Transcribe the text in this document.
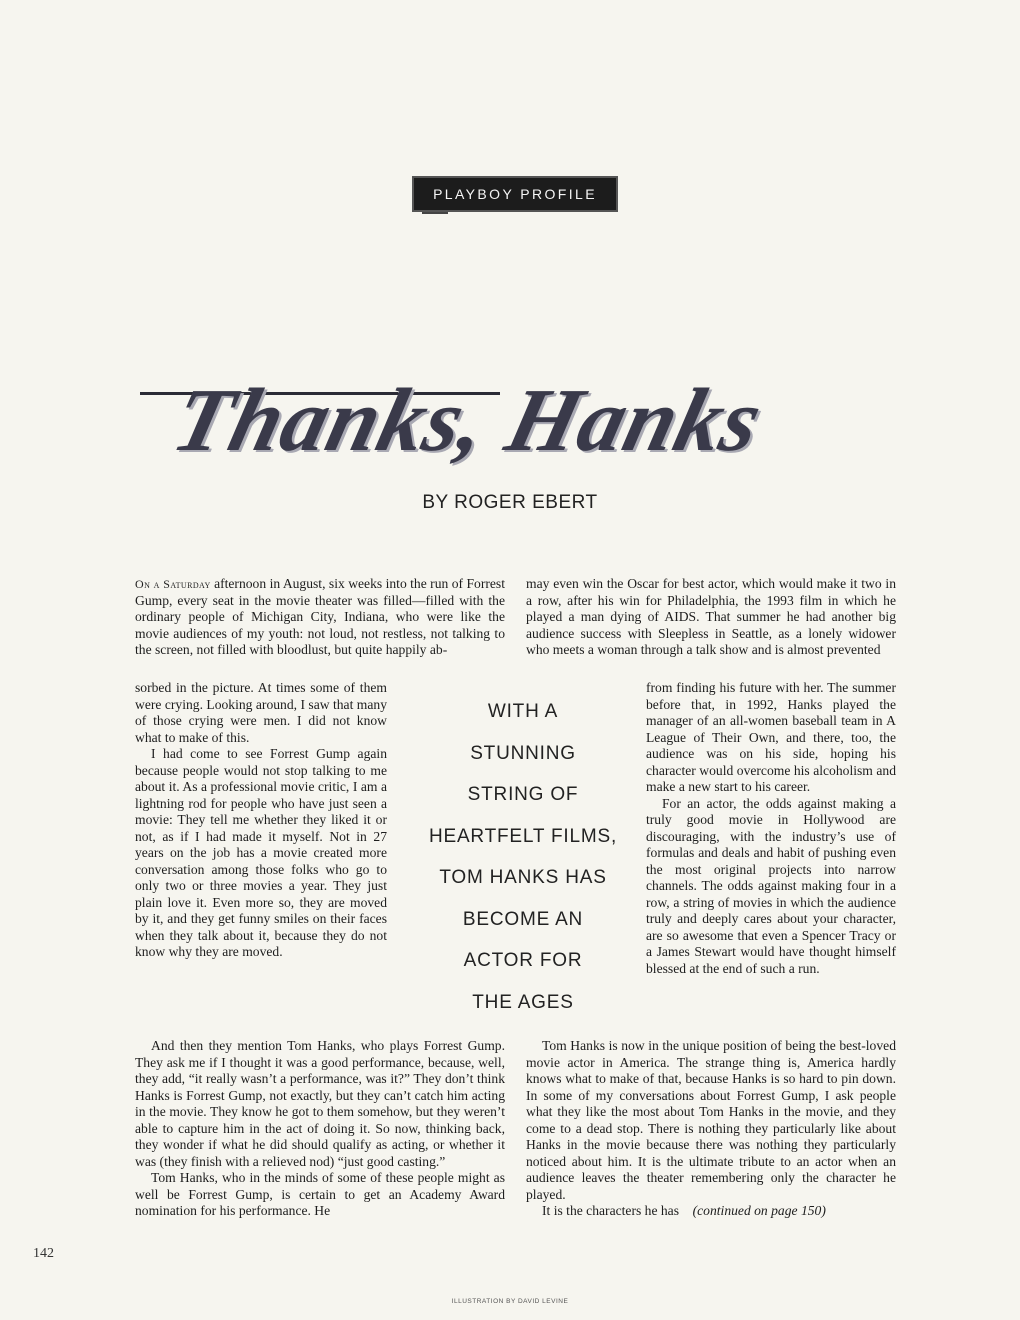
PLAYBOY PROFILE
Thanks, Hanks
BY ROGER EBERT

On a Saturday afternoon in August, six weeks into the run of Forrest Gump, every seat in the movie theater was filled—filled with the ordinary people of Michigan City, Indiana, who were like the movie audiences of my youth: not loud, not restless, not talking to the screen, not filled with bloodlust, but quite happily ab-

sorbed in the picture. At times some of them were crying. Looking around, I saw that many of those crying were men. I did not know what to make of this.

I had come to see Forrest Gump again because people would not stop talking to me about it. As a professional movie critic, I am a lightning rod for people who have just seen a movie: They tell me whether they liked it or not, as if I had made it myself. Not in 27 years on the job has a movie created more conversation among those folks who go to only two or three movies a year. They just plain love it. Even more so, they are moved by it, and they get funny smiles on their faces when they talk about it, because they do not know why they are moved.

And then they mention Tom Hanks, who plays Forrest Gump. They ask me if I thought it was a good performance, because, well, they add, “it really wasn’t a performance, was it?” They don’t think Hanks is Forrest Gump, not exactly, but they can’t catch him acting in the movie. They know he got to them somehow, but they weren’t able to capture him in the act of doing it. So now, thinking back, they wonder if what he did should qualify as acting, or whether it was (they finish with a relieved nod) “just good casting.”

Tom Hanks, who in the minds of some of these people might as well be Forrest Gump, is certain to get an Academy Award nomination for his performance. He

may even win the Oscar for best actor, which would make it two in a row, after his win for Philadelphia, the 1993 film in which he played a man dying of AIDS. That summer he had another big audience success with Sleepless in Seattle, as a lonely widower who meets a woman through a talk show and is almost prevented

from finding his future with her. The summer before that, in 1992, Hanks played the manager of an all-women baseball team in A League of Their Own, and there, too, the audience was on his side, hoping his character would overcome his alcoholism and make a new start to his career.

For an actor, the odds against making a truly good movie in Hollywood are discouraging, with the industry’s use of formulas and deals and habit of pushing even the most original projects into narrow channels. The odds against making four in a row, a string of movies in which the audience truly and deeply cares about your character, are so awesome that even a Spencer Tracy or a James Stewart would have thought himself blessed at the end of such a run.

Tom Hanks is now in the unique position of being the best-loved movie actor in America. The strange thing is, America hardly knows what to make of that, because Hanks is so hard to pin down. In some of my conversations about Forrest Gump, I ask people what they like the most about Tom Hanks in the movie, and they come to a dead stop. There is nothing they particularly like about Hanks in the movie because there was nothing they particularly noticed about him. It is the ultimate tribute to an actor when an audience leaves the theater remembering only the character he played.

It is the characters he has (continued on page 150)

WITH A
STUNNING
STRING OF
HEARTFELT FILMS,
TOM HANKS HAS
BECOME AN
ACTOR FOR
THE AGES
142
ILLUSTRATION BY DAVID LEVINE
